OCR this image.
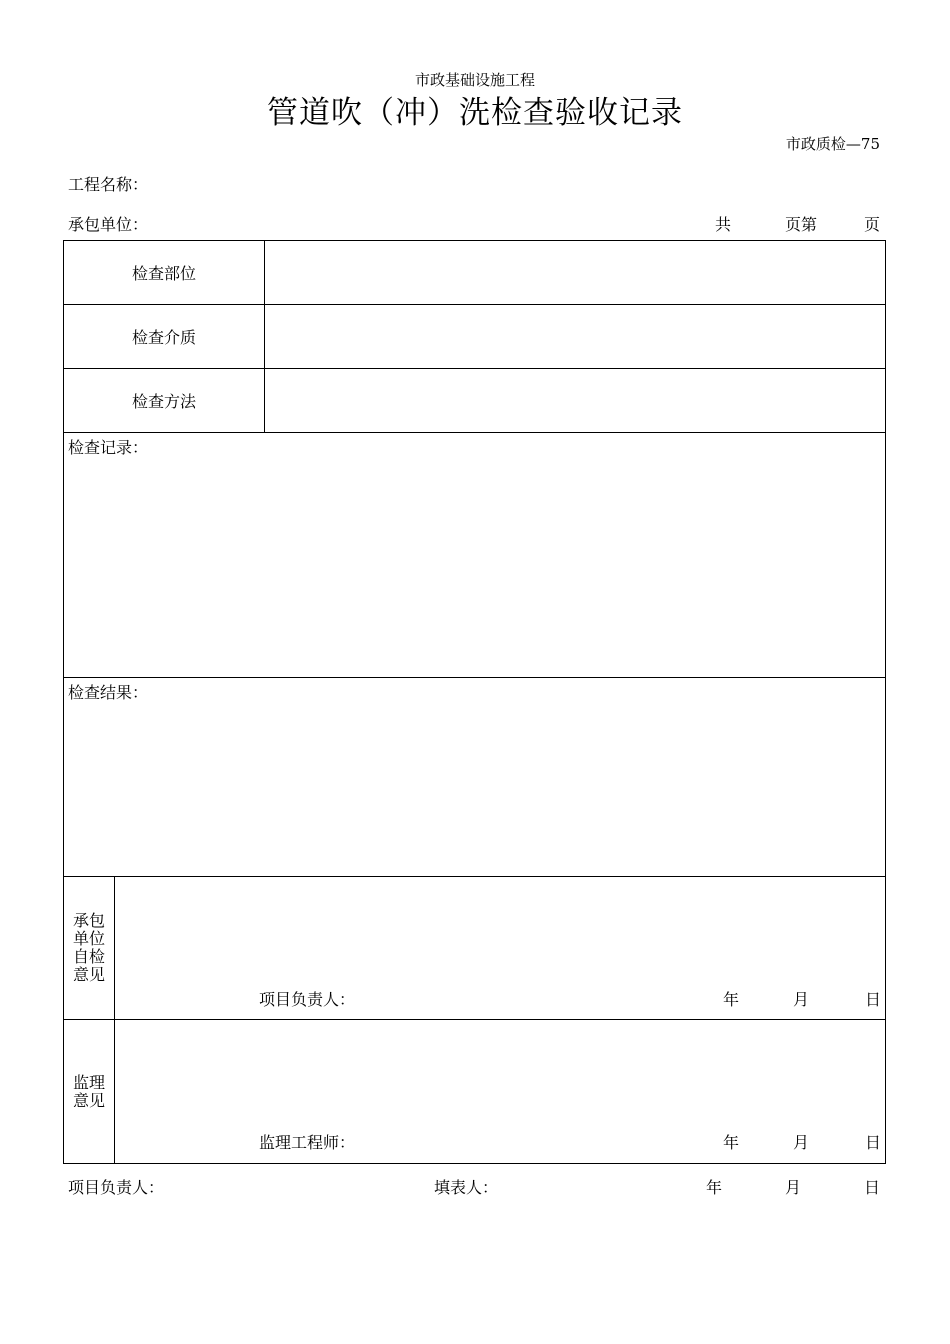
市政基础设施工程
管道吹（冲）洗检查验收记录
市政质检—75
工程名称：
承包单位：	共	页第	页
检查部位		
检查介质		
检查方法		
检查记录：		
检查结果：		

承包
单位
自检
意见	项目负责人： 年 月 日	

监理
意见	监理工程师： 年 月 日	
项目负责人：	填表人：	年	月	日
